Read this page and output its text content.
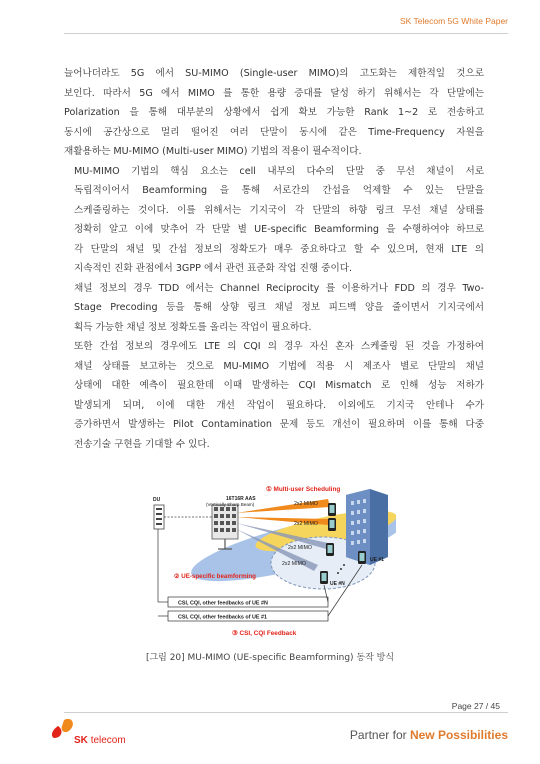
SK Telecom 5G White Paper

늘어나더라도 5G 에서 SU-MIMO (Single-user MIMO)의 고도화는 제한적일 것으로
보인다. 따라서 5G 에서 MIMO 를 통한 용량 증대를 달성 하기 위해서는 각 단말에는
Polarization 을 통해 대부분의 상황에서 쉽게 확보 가능한 Rank 1~2 로 전송하고
동시에 공간상으로 멀리 떨어진 여러 단말이 동시에 같은 Time-Frequency 자원을
재활용하는 MU-MIMO (Multi-user MIMO) 기법의 적용이 필수적이다.

MU-MIMO 기법의 핵심 요소는 cell 내부의 다수의 단말 중 무선 채널이 서로
독립적이어서 Beamforming 을 통해 서로간의 간섭을 억제할 수 있는 단말을
스케줄링하는 것이다. 이를 위해서는 기지국이 각 단말의 하향 링크 무선 채널 상태를
정확히 알고 이에 맞추어 각 단말 별 UE-specific Beamforming 을 수행하여야 하므로
각 단말의 채널 및 간섭 정보의 정확도가 매우 중요하다고 할 수 있으며, 현재 LTE 의
지속적인 진화 관점에서 3GPP 에서 관련 표준화 작업 진행 중이다.

채널 정보의 경우 TDD 에서는 Channel Reciprocity 를 이용하거나 FDD 의 경우 Two-
Stage Precoding 등을 통해 상향 링크 채널 정보 피드백 양을 줄이면서 기지국에서
획득 가능한 채널 정보 정확도를 올리는 작업이 필요하다.

또한 간섭 정보의 경우에도 LTE 의 CQI 의 경우 자신 혼자 스케줄링 된 것을 가정하여
채널 상태를 보고하는 것으로 MU-MIMO 기법에 적용 시 제조사 별로 단말의 채널
상태에 대한 예측이 필요한데 이때 발생하는 CQI Mismatch 로 인해 성능 저하가
발생되게 되며, 이에 대한 개선 작업이 필요하다. 이외에도 기지국 안테나 수가
증가하면서 발생하는 Pilot Contamination 문제 등도 개선이 필요하며 이를 통해 다중
전송기술 구현을 기대할 수 있다.

① Multi-user Scheduling
16T16R AAS
(Vertically Sharp Beam)
DU
2x2 MIMO
2x2 MIMO
2x2 MIMO
2x2 MIMO
UE #1
UE #N
② UE-specific beamforming
CSI, CQI, other feedbacks of UE #N
CSI, CQI, other feedbacks of UE #1
③ CSI, CQI Feedback
[그림 20] MU-MIMO (UE-specific Beamforming) 동작 방식
Page 27 / 45
SK telecom	Partner for New Possibilities
